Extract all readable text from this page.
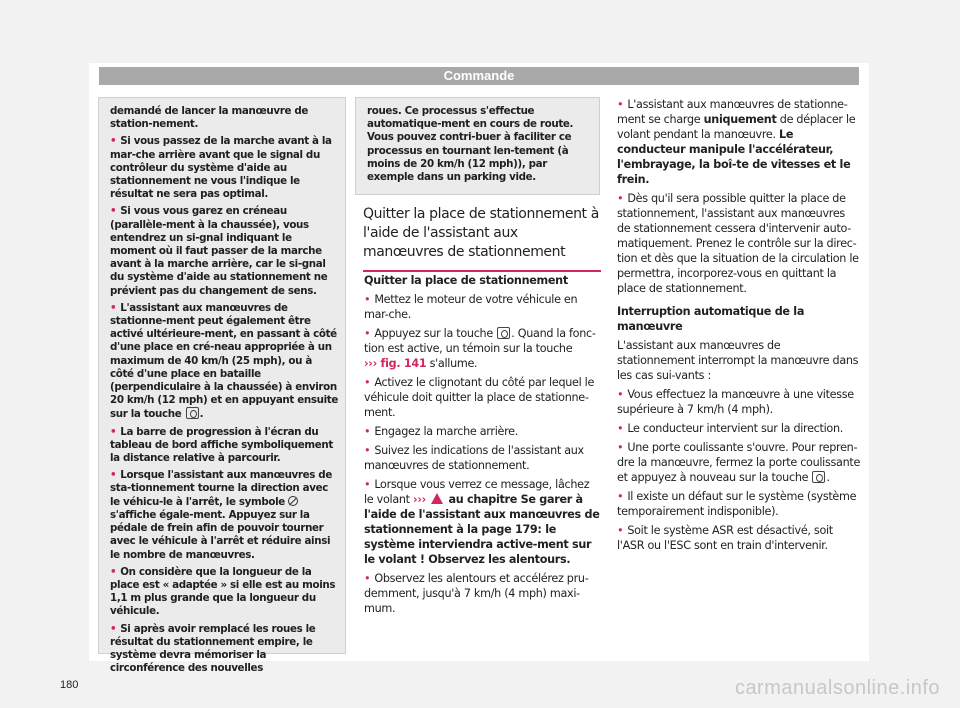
Commande

demandé de lancer la manœuvre de station-nement.

• Si vous passez de la marche avant à la mar-che arrière avant que le signal du contrôleur du système d'aide au stationnement ne vous l'indique le résultat ne sera pas optimal.

• Si vous vous garez en créneau (parallèle-ment à la chaussée), vous entendrez un si-gnal indiquant le moment où il faut passer de la marche avant à la marche arrière, car le si-gnal du système d'aide au stationnement ne prévient pas du changement de sens.

• L'assistant aux manœuvres de stationne-ment peut également être activé ultérieure-ment, en passant à côté d'une place en cré-neau appropriée à un maximum de 40 km/h (25 mph), ou à côté d'une place en bataille (perpendiculaire à la chaussée) à environ 20 km/h (12 mph) et en appuyant ensuite sur la touche .

• La barre de progression à l'écran du tableau de bord affiche symboliquement la distance relative à parcourir.

• Lorsque l'assistant aux manœuvres de sta-tionnement tourne la direction avec le véhicu-le à l'arrêt, le symbole  s'affiche égale-ment. Appuyez sur la pédale de frein afin de pouvoir tourner avec le véhicule à l'arrêt et réduire ainsi le nombre de manœuvres.

• On considère que la longueur de la place est « adaptée » si elle est au moins 1,1 m plus grande que la longueur du véhicule.

• Si après avoir remplacé les roues le résultat du stationnement empire, le système devra mémoriser la circonférence des nouvelles

roues. Ce processus s'effectue automatique-ment en cours de route. Vous pouvez contri-buer à faciliter ce processus en tournant len-tement (à moins de 20 km/h (12 mph)), par exemple dans un parking vide.

Quitter la place de stationnement à l'aide de l'assistant aux manœuvres de stationnement

Quitter la place de stationnement

• Mettez le moteur de votre véhicule en mar-che.

• Appuyez sur la touche . Quand la fonc-tion est active, un témoin sur la touche ››› fig. 141 s'allume.

• Activez le clignotant du côté par lequel le véhicule doit quitter la place de stationne-ment.

• Engagez la marche arrière.

• Suivez les indications de l'assistant aux manœuvres de stationnement.

• Lorsque vous verrez ce message, lâchez le volant ››› au chapitre Se garer à l'aide de l'assistant aux manœuvres de stationnement à la page 179: le système interviendra active-ment sur le volant ! Observez les alentours.

• Observez les alentours et accélérez pru-demment, jusqu'à 7 km/h (4 mph) maxi-mum.

• L'assistant aux manœuvres de stationne-ment se charge uniquement de déplacer le volant pendant la manœuvre. Le conducteur manipule l'accélérateur, l'embrayage, la boî-te de vitesses et le frein.

• Dès qu'il sera possible quitter la place de stationnement, l'assistant aux manœuvres de stationnement cessera d'intervenir auto-matiquement. Prenez le contrôle sur la direc-tion et dès que la situation de la circulation le permettra, incorporez-vous en quittant la place de stationnement.

Interruption automatique de la manœuvre

L'assistant aux manœuvres de stationnement interrompt la manœuvre dans les cas sui-vants :

• Vous effectuez la manœuvre à une vitesse supérieure à 7 km/h (4 mph).

• Le conducteur intervient sur la direction.

• Une porte coulissante s'ouvre. Pour repren-dre la manœuvre, fermez la porte coulissante et appuyez à nouveau sur la touche .

• Il existe un défaut sur le système (système temporairement indisponible).

• Soit le système ASR est désactivé, soit l'ASR ou l'ESC sont en train d'intervenir.

180	carmanualsonline.info
